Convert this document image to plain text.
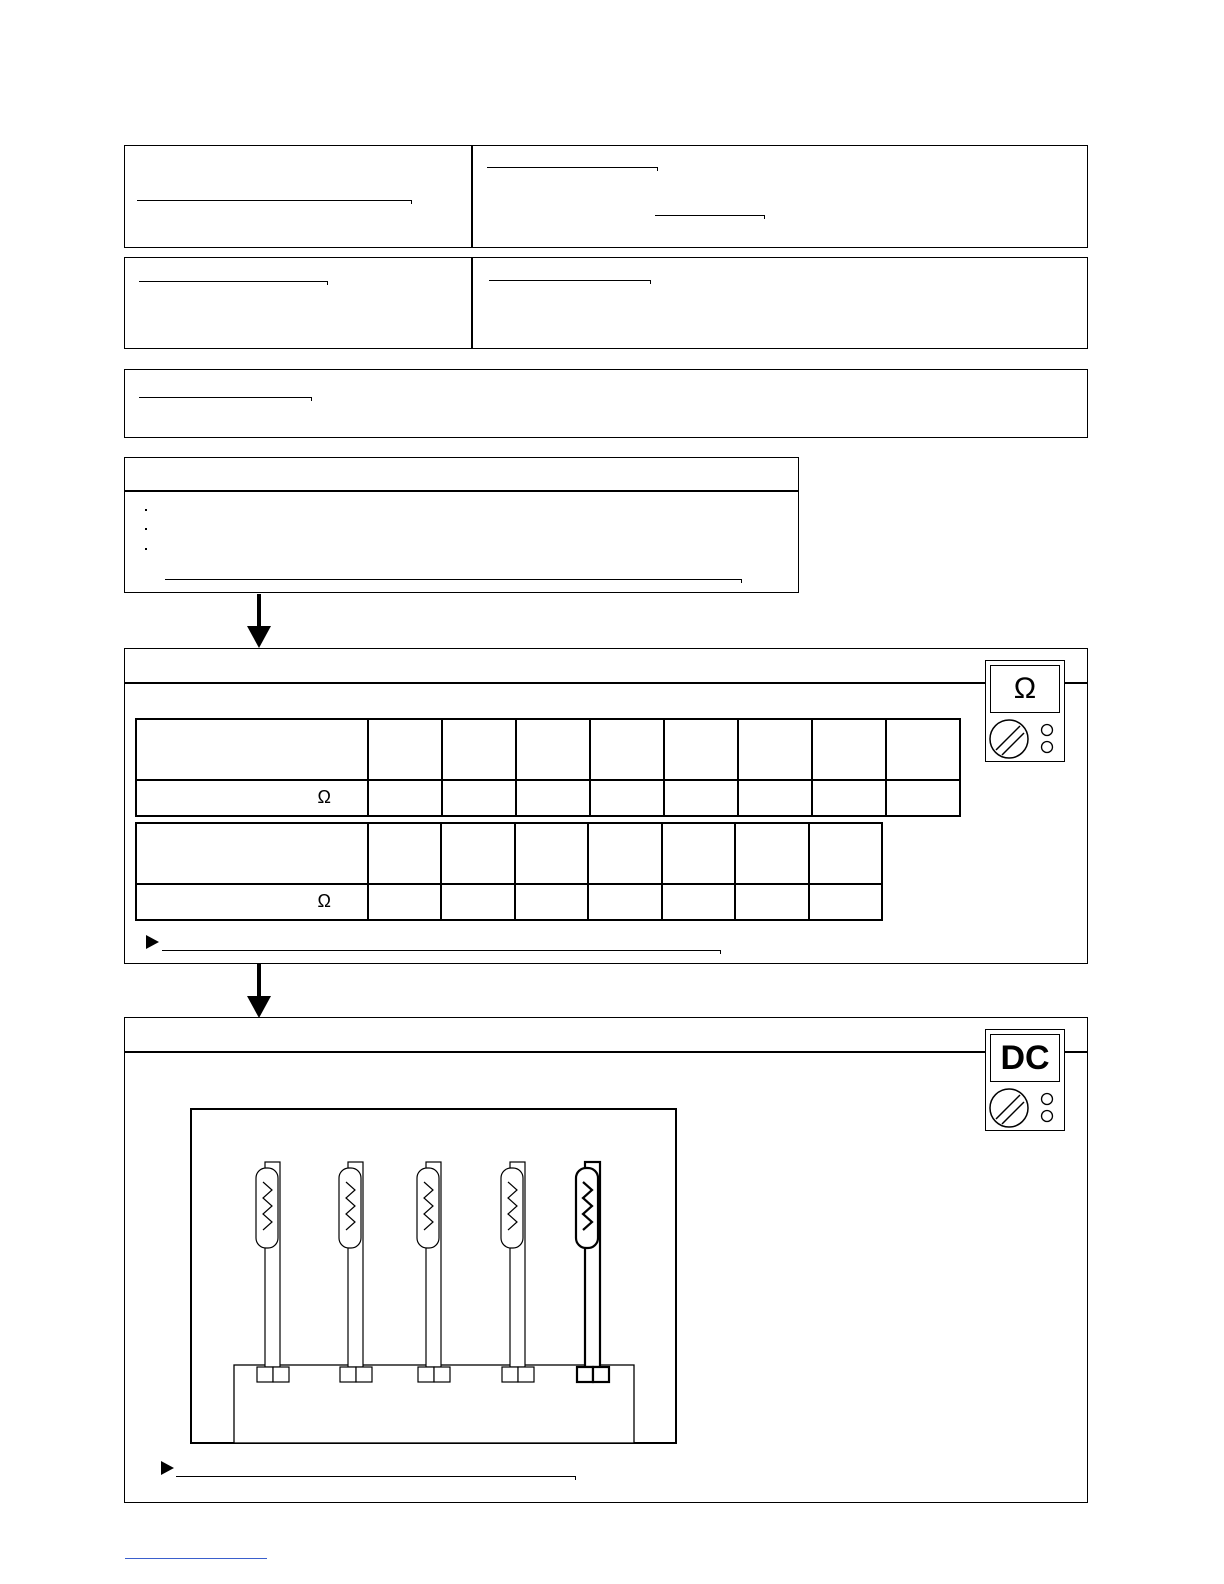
Ω

Ω								

Ω							

DC
